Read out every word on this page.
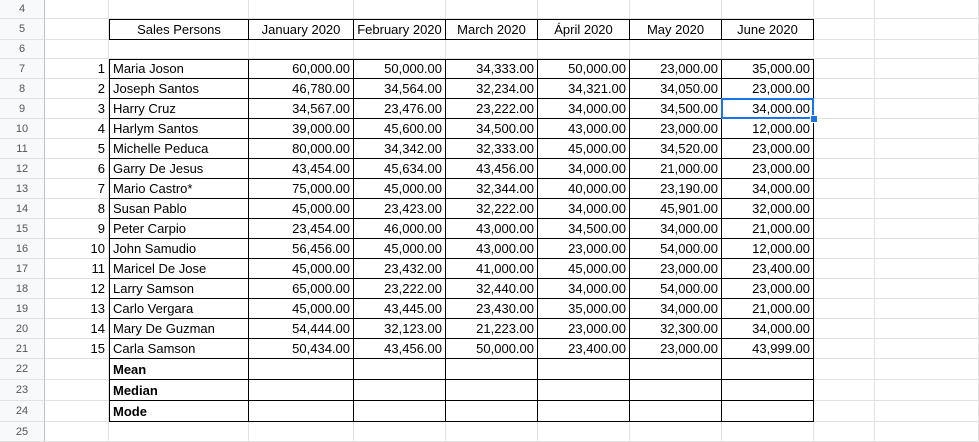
4
5
6
7
8
9
10
11
12
13
14
15
16
17
18
19
20
21
22
23
24
25
Sales Persons	January 2020	February 2020	March 2020	Ápril 2020	May 2020	June 2020
1 Maria Joson	60,000.00	50,000.00	34,333.00	50,000.00	23,000.00	35,000.00
2 Joseph Santos	46,780.00	34,564.00	32,234.00	34,321.00	34,050.00	23,000.00
3 Harry Cruz	34,567.00	23,476.00	23,222.00	34,000.00	34,500.00	34,000.00
4 Harlym Santos	39,000.00	45,600.00	34,500.00	43,000.00	23,000.00	12,000.00
5 Michelle Peduca	80,000.00	34,342.00	32,333.00	45,000.00	34,520.00	23,000.00
6 Garry De Jesus	43,454.00	45,634.00	43,456.00	34,000.00	21,000.00	23,000.00
7 Mario Castro*	75,000.00	45,000.00	32,344.00	40,000.00	23,190.00	34,000.00
8 Susan Pablo	45,000.00	23,423.00	32,222.00	34,000.00	45,901.00	32,000.00
9 Peter Carpio	23,454.00	46,000.00	43,000.00	34,500.00	34,000.00	21,000.00
10 John Samudio	56,456.00	45,000.00	43,000.00	23,000.00	54,000.00	12,000.00
11 Maricel De Jose	45,000.00	23,432.00	41,000.00	45,000.00	23,000.00	23,400.00
12 Larry Samson	65,000.00	23,222.00	32,440.00	34,000.00	54,000.00	23,000.00
13 Carlo Vergara	45,000.00	43,445.00	23,430.00	35,000.00	34,000.00	21,000.00
14 Mary De Guzman	54,444.00	32,123.00	21,223.00	23,000.00	32,300.00	34,000.00
15 Carla Samson	50,434.00	43,456.00	50,000.00	23,400.00	23,000.00	43,999.00
Mean
Median
Mode
